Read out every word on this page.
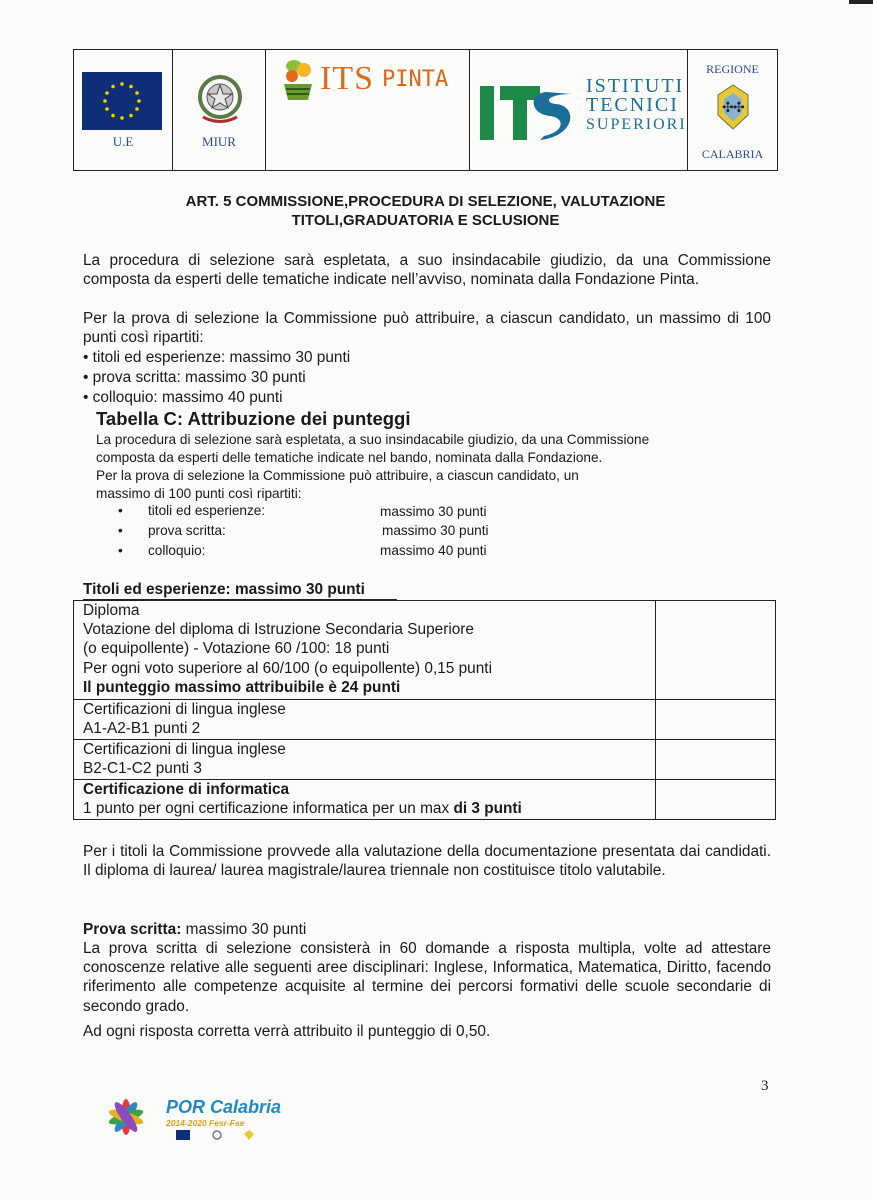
U.E	MIUR
ITS PINTA	ISTITUTI
TECNICI
SUPERIORI
REGIONE
✣ ✣
CALABRIA
ART. 5 COMMISSIONE,PROCEDURA DI SELEZIONE, VALUTAZIONE
TITOLI,GRADUATORIA E SCLUSIONE
La procedura di selezione sarà espletata, a suo insindacabile giudizio, da una Commissione composta da esperti delle tematiche indicate nell’avviso, nominata dalla Fondazione Pinta.
Per la prova di selezione la Commissione può attribuire, a ciascun candidato, un massimo di 100 punti così ripartiti:
• titoli ed esperienze: massimo 30 punti
• prova scritta: massimo 30 punti
• colloquio: massimo 40 punti
Tabella C: Attribuzione dei punteggi
La procedura di selezione sarà espletata, a suo insindacabile giudizio, da una Commissione
composta da esperti delle tematiche indicate nel bando, nominata dalla Fondazione.
Per la prova di selezione la Commissione può attribuire, a ciascun candidato, un
massimo di 100 punti così ripartiti:
• titoli ed esperienze:	massimo 30 punti
• prova scritta:	massimo 30 punti
• colloquio:	massimo 40 punti
Titoli ed esperienze: massimo 30 punti
Diploma
Votazione del diploma di Istruzione Secondaria Superiore
(o equipollente) - Votazione 60 /100: 18 punti
Per ogni voto superiore al 60/100 (o equipollente) 0,15 punti
Il punteggio massimo attribuibile è 24 punti	

Certificazioni di lingua inglese
A1-A2-B1 punti 2	

Certificazioni di lingua inglese
B2-C1-C2 punti 3	

Certificazione di informatica
1 punto per ogni certificazione informatica per un max di 3 punti	

Per i titoli la Commissione provvede alla valutazione della documentazione presentata dai candidati. Il diploma di laurea/ laurea magistrale/laurea triennale non costituisce titolo valutabile.
Prova scritta: massimo 30 punti
La prova scritta di selezione consisterà in 60 domande a risposta multipla, volte ad attestare conoscenze relative alle seguenti aree disciplinari: Inglese, Informatica, Matematica, Diritto, facendo riferimento alle competenze acquisite al termine dei percorsi formativi delle scuole secondarie di secondo grado.
Ad ogni risposta corretta verrà attribuito il punteggio di 0,50.
3
POR Calabria
2014-2020 Fesr-Fse
